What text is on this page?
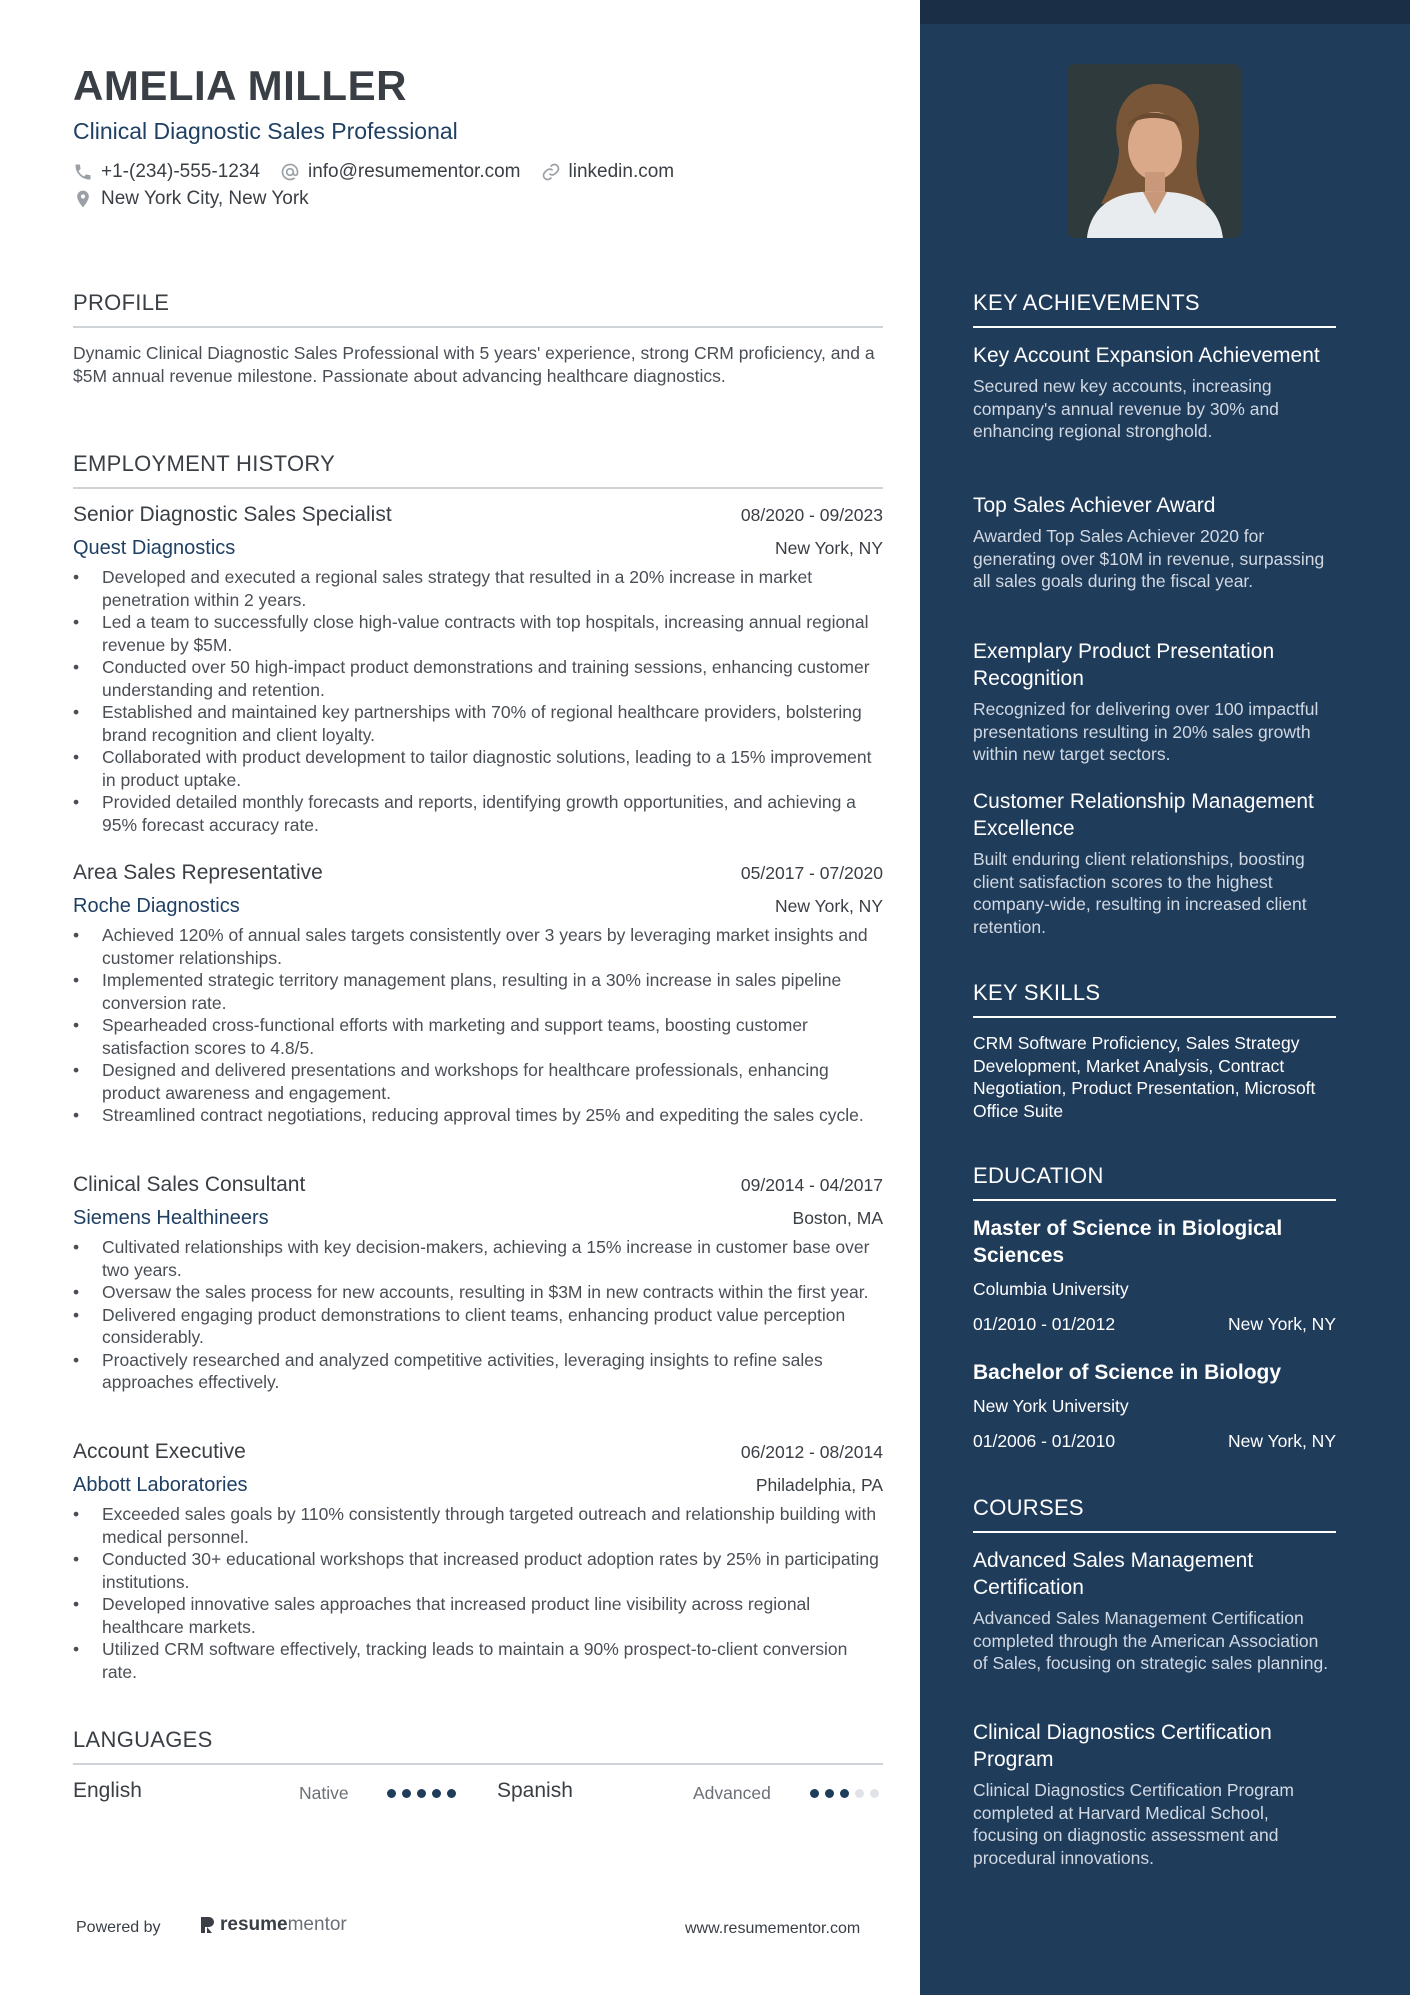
AMELIA MILLER
Clinical Diagnostic Sales Professional
+1-(234)-555-1234	info@resumementor.com	linkedin.com
New York City, New York
PROFILE
Dynamic Clinical Diagnostic Sales Professional with 5 years' experience, strong CRM proficiency, and a $5M annual revenue milestone. Passionate about advancing healthcare diagnostics.
EMPLOYMENT HISTORY
Senior Diagnostic Sales Specialist	08/2020 - 09/2023
Quest Diagnostics	New York, NY
• Developed and executed a regional sales strategy that resulted in a 20% increase in market penetration within 2 years.
• Led a team to successfully close high-value contracts with top hospitals, increasing annual regional revenue by $5M.
• Conducted over 50 high-impact product demonstrations and training sessions, enhancing customer understanding and retention.
• Established and maintained key partnerships with 70% of regional healthcare providers, bolstering brand recognition and client loyalty.
• Collaborated with product development to tailor diagnostic solutions, leading to a 15% improvement in product uptake.
• Provided detailed monthly forecasts and reports, identifying growth opportunities, and achieving a 95% forecast accuracy rate.
Area Sales Representative	05/2017 - 07/2020
Roche Diagnostics	New York, NY
• Achieved 120% of annual sales targets consistently over 3 years by leveraging market insights and customer relationships.
• Implemented strategic territory management plans, resulting in a 30% increase in sales pipeline conversion rate.
• Spearheaded cross-functional efforts with marketing and support teams, boosting customer satisfaction scores to 4.8/5.
• Designed and delivered presentations and workshops for healthcare professionals, enhancing product awareness and engagement.
• Streamlined contract negotiations, reducing approval times by 25% and expediting the sales cycle.
Clinical Sales Consultant	09/2014 - 04/2017
Siemens Healthineers	Boston, MA
• Cultivated relationships with key decision-makers, achieving a 15% increase in customer base over two years.
• Oversaw the sales process for new accounts, resulting in $3M in new contracts within the first year.
• Delivered engaging product demonstrations to client teams, enhancing product value perception considerably.
• Proactively researched and analyzed competitive activities, leveraging insights to refine sales approaches effectively.
Account Executive	06/2012 - 08/2014
Abbott Laboratories	Philadelphia, PA
• Exceeded sales goals by 110% consistently through targeted outreach and relationship building with medical personnel.
• Conducted 30+ educational workshops that increased product adoption rates by 25% in participating institutions.
• Developed innovative sales approaches that increased product line visibility across regional healthcare markets.
• Utilized CRM software effectively, tracking leads to maintain a 90% prospect-to-client conversion rate.
LANGUAGES
English	Native	Spanish	Advanced
Powered by	resume mentor	www.resumementor.com
KEY ACHIEVEMENTS
Key Account Expansion Achievement
Secured new key accounts, increasing company's annual revenue by 30% and enhancing regional stronghold.
Top Sales Achiever Award
Awarded Top Sales Achiever 2020 for generating over $10M in revenue, surpassing all sales goals during the fiscal year.
Exemplary Product Presentation Recognition
Recognized for delivering over 100 impactful presentations resulting in 20% sales growth within new target sectors.
Customer Relationship Management Excellence
Built enduring client relationships, boosting client satisfaction scores to the highest company-wide, resulting in increased client retention.
KEY SKILLS
CRM Software Proficiency, Sales Strategy Development, Market Analysis, Contract Negotiation, Product Presentation, Microsoft Office Suite
EDUCATION
Master of Science in Biological Sciences
Columbia University
01/2010 - 01/2012	New York, NY
Bachelor of Science in Biology
New York University
01/2006 - 01/2010	New York, NY
COURSES
Advanced Sales Management Certification
Advanced Sales Management Certification completed through the American Association of Sales, focusing on strategic sales planning.
Clinical Diagnostics Certification Program
Clinical Diagnostics Certification Program completed at Harvard Medical School, focusing on diagnostic assessment and procedural innovations.
